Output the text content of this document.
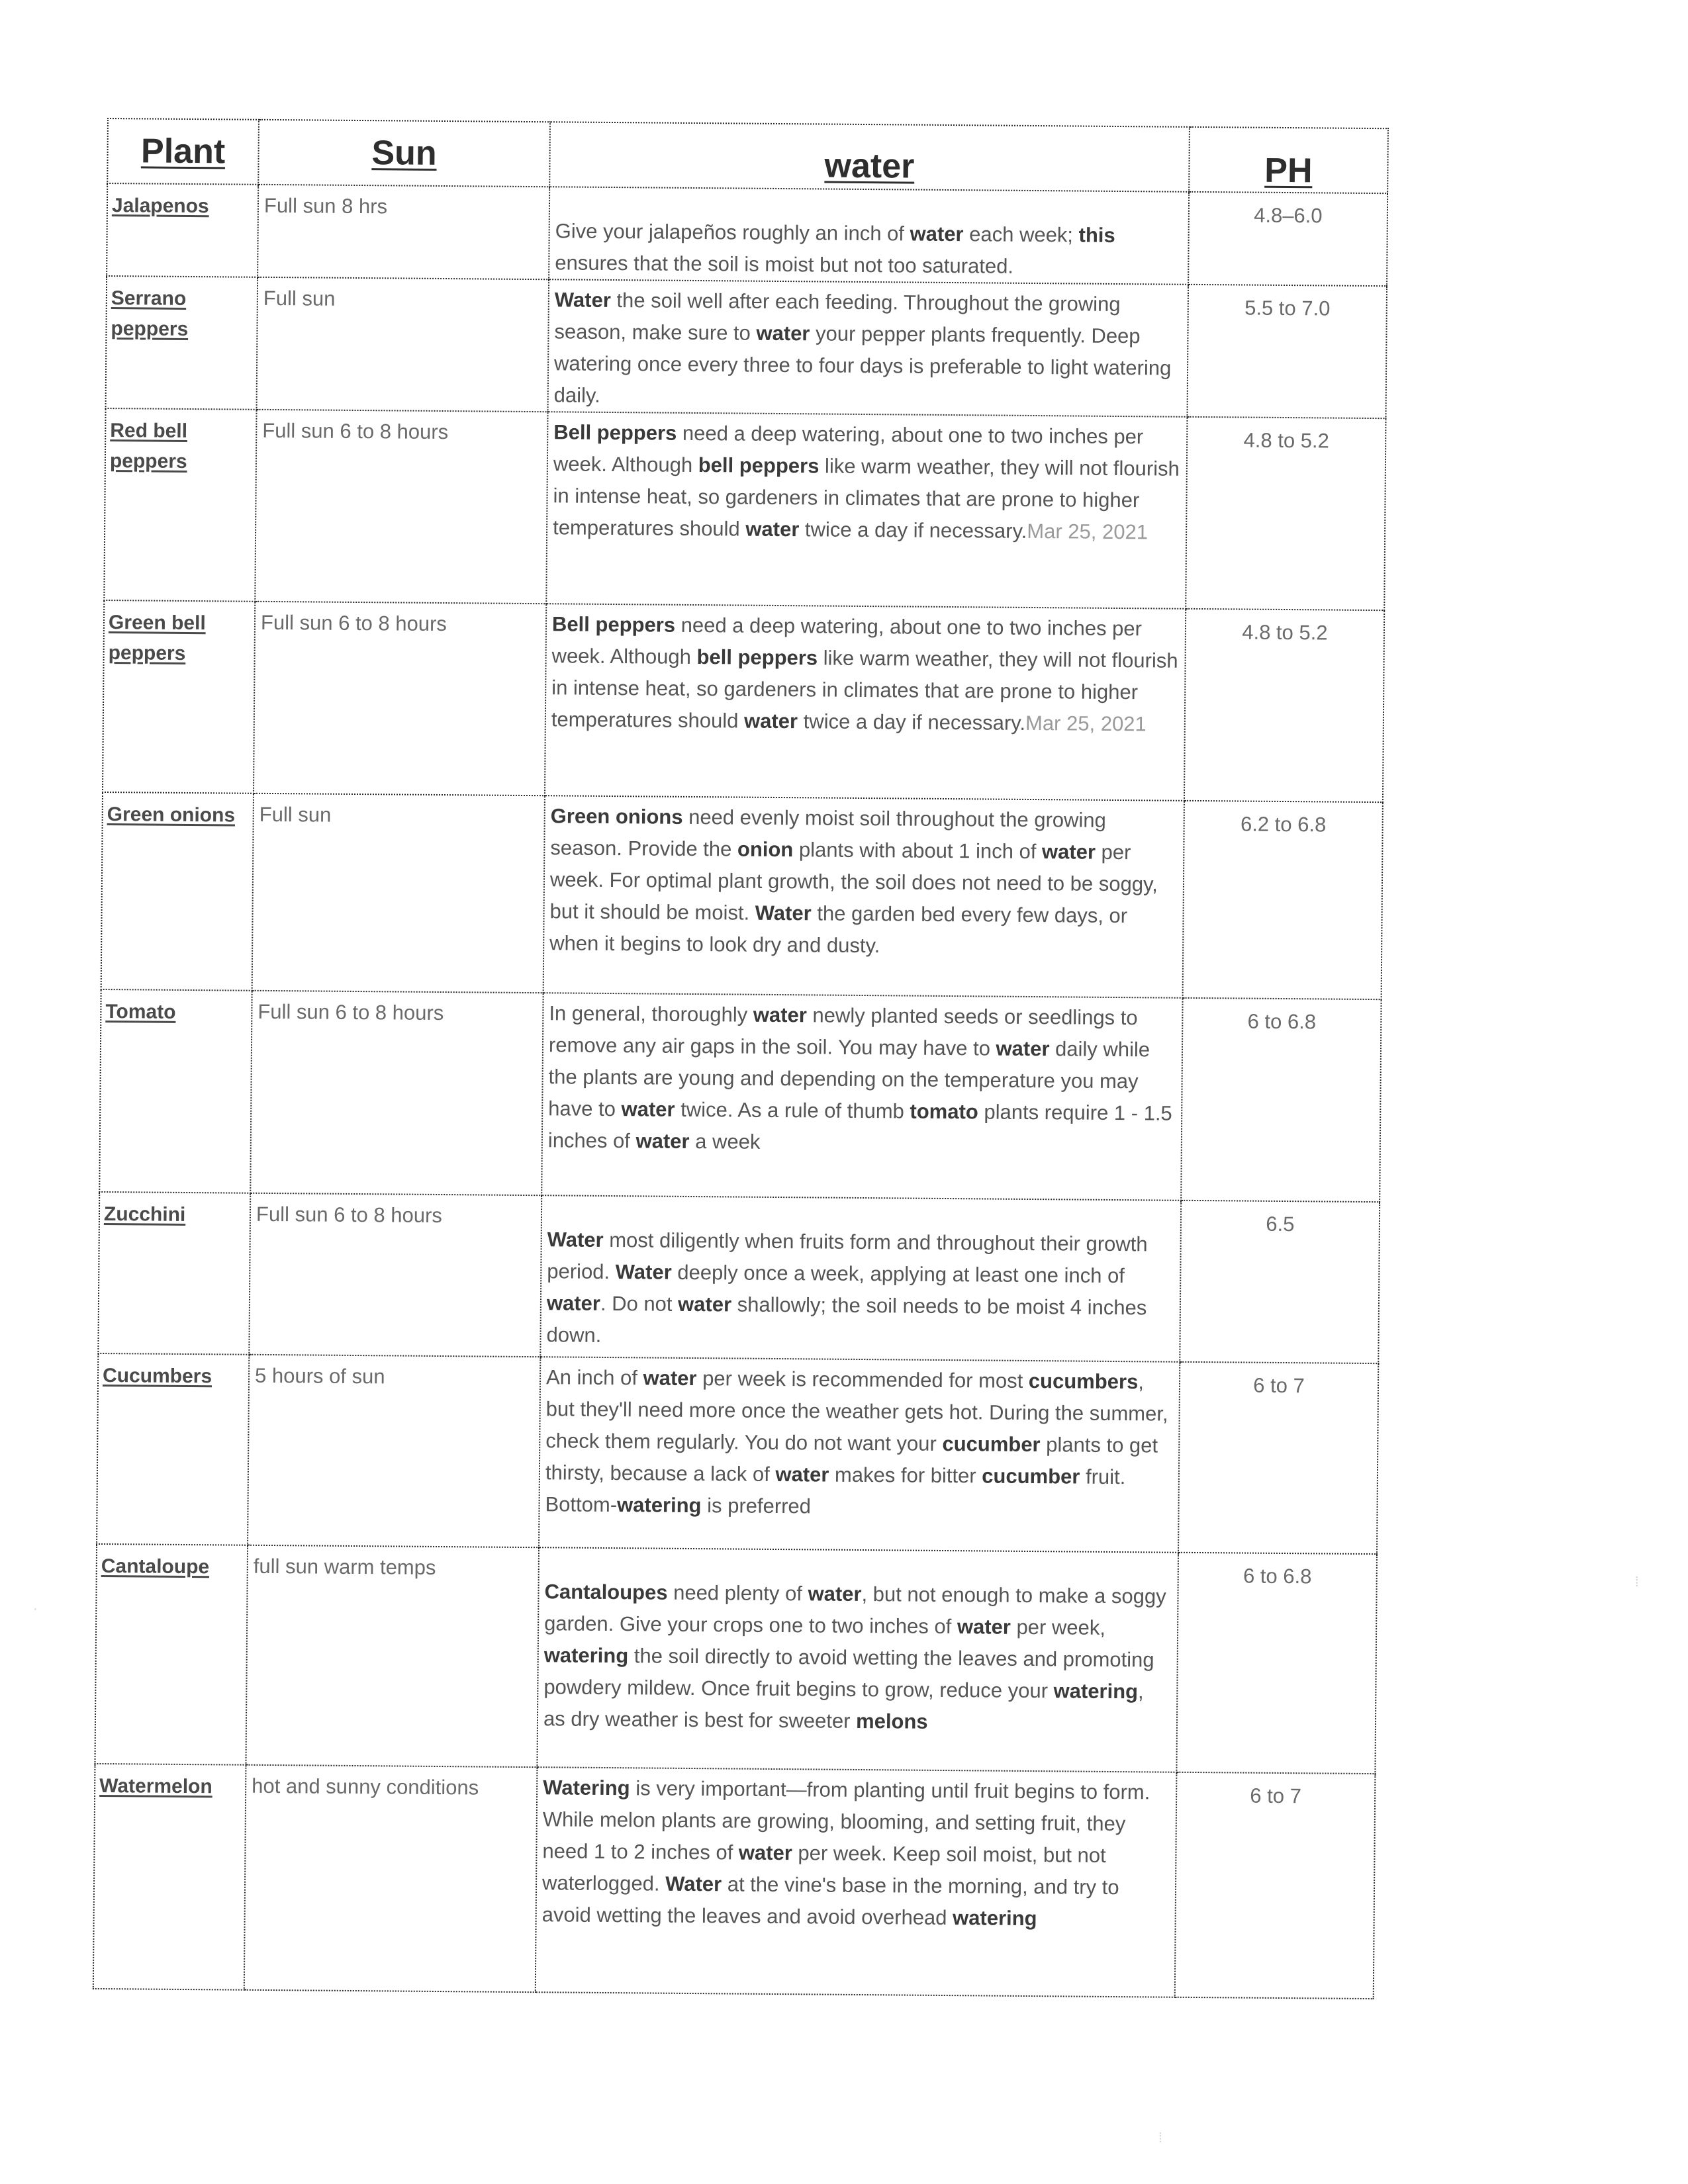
Plant	Sun	water	PH
Jalapenos	Full sun 8 hrs	Give your jalapeños roughly an inch of water each week; this ensures that the soil is moist but not too saturated.	4.8–6.0
Serrano peppers	Full sun	Water the soil well after each feeding. Throughout the growing season, make sure to water your pepper plants frequently. Deep watering once every three to four days is preferable to light watering daily.	5.5 to 7.0
Red bell peppers	Full sun 6 to 8 hours	Bell peppers need a deep watering, about one to two inches per week. Although bell peppers like warm weather, they will not flourish in intense heat, so gardeners in climates that are prone to higher temperatures should water twice a day if necessary.Mar 25, 2021	4.8 to 5.2
Green bell peppers	Full sun 6 to 8 hours	Bell peppers need a deep watering, about one to two inches per week. Although bell peppers like warm weather, they will not flourish in intense heat, so gardeners in climates that are prone to higher temperatures should water twice a day if necessary.Mar 25, 2021	4.8 to 5.2
Green onions	Full sun	Green onions need evenly moist soil throughout the growing season. Provide the onion plants with about 1 inch of water per week. For optimal plant growth, the soil does not need to be soggy, but it should be moist. Water the garden bed every few days, or when it begins to look dry and dusty.	6.2 to 6.8
Tomato	Full sun 6 to 8 hours	In general, thoroughly water newly planted seeds or seedlings to remove any air gaps in the soil. You may have to water daily while the plants are young and depending on the temperature you may have to water twice. As a rule of thumb tomato plants require 1 - 1.5 inches of water a week	6 to 6.8
Zucchini	Full sun 6 to 8 hours	Water most diligently when fruits form and throughout their growth period. Water deeply once a week, applying at least one inch of water. Do not water shallowly; the soil needs to be moist 4 inches down.	6.5
Cucumbers	5 hours of sun	An inch of water per week is recommended for most cucumbers, but they'll need more once the weather gets hot. During the summer, check them regularly. You do not want your cucumber plants to get thirsty, because a lack of water makes for bitter cucumber fruit. Bottom-watering is preferred	6 to 7
Cantaloupe	full sun warm temps	Cantaloupes need plenty of water, but not enough to make a soggy garden. Give your crops one to two inches of water per week, watering the soil directly to avoid wetting the leaves and promoting powdery mildew. Once fruit begins to grow, reduce your watering, as dry weather is best for sweeter melons	6 to 6.8
Watermelon	hot and sunny conditions	Watering is very important—from planting until fruit begins to form. While melon plants are growing, blooming, and setting fruit, they need 1 to 2 inches of water per week. Keep soil moist, but not waterlogged. Water at the vine's base in the morning, and try to avoid wetting the leaves and avoid overhead watering	6 to 7
⁞
⁞
·
